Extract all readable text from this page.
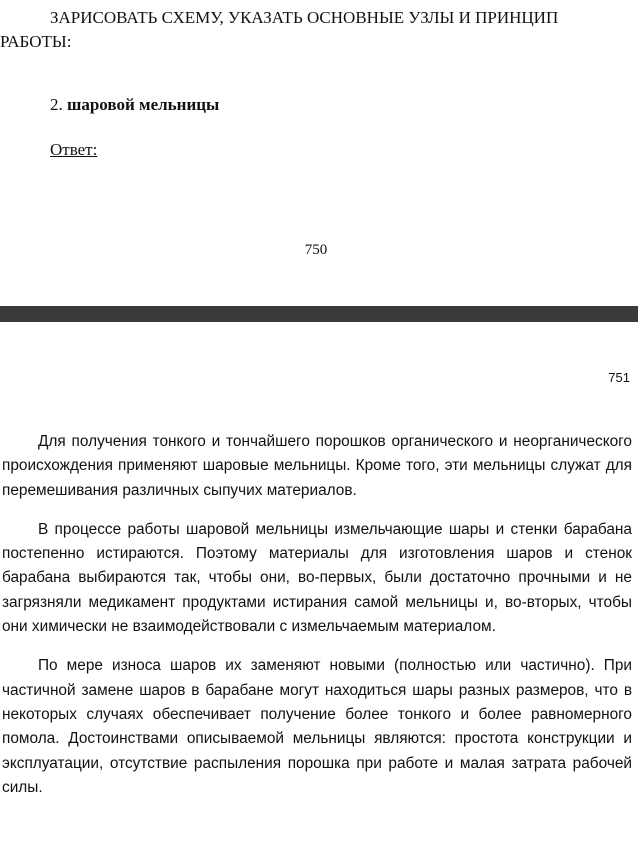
ЗАРИСОВАТЬ СХЕМУ, УКАЗАТЬ ОСНОВНЫЕ УЗЛЫ И ПРИНЦИП РАБОТЫ:
2. шаровой мельницы
Ответ:
750
751

Для получения тонкого и тончайшего порошков органического и неорганического происхождения применяют шаровые мельницы. Кроме того, эти мельницы служат для перемешивания различных сыпучих материалов.

В процессе работы шаровой мельницы измельчающие шары и стенки барабана постепенно истираются. Поэтому материалы для изготовления шаров и стенок барабана выбираются так, чтобы они, во-первых, были достаточно прочными и не загрязняли медикамент продуктами истирания самой мельницы и, во-вторых, чтобы они химически не взаимодействовали с измельчаемым материалом.

По мере износа шаров их заменяют новыми (полностью или частично). При частичной замене шаров в барабане могут находиться шары разных размеров, что в некоторых случаях обеспечивает получение более тонкого и более равномерного помола. Достоинствами описываемой мельницы являются: простота конструкции и эксплуатации, отсутствие распыления порошка при работе и малая затрата рабочей силы.
